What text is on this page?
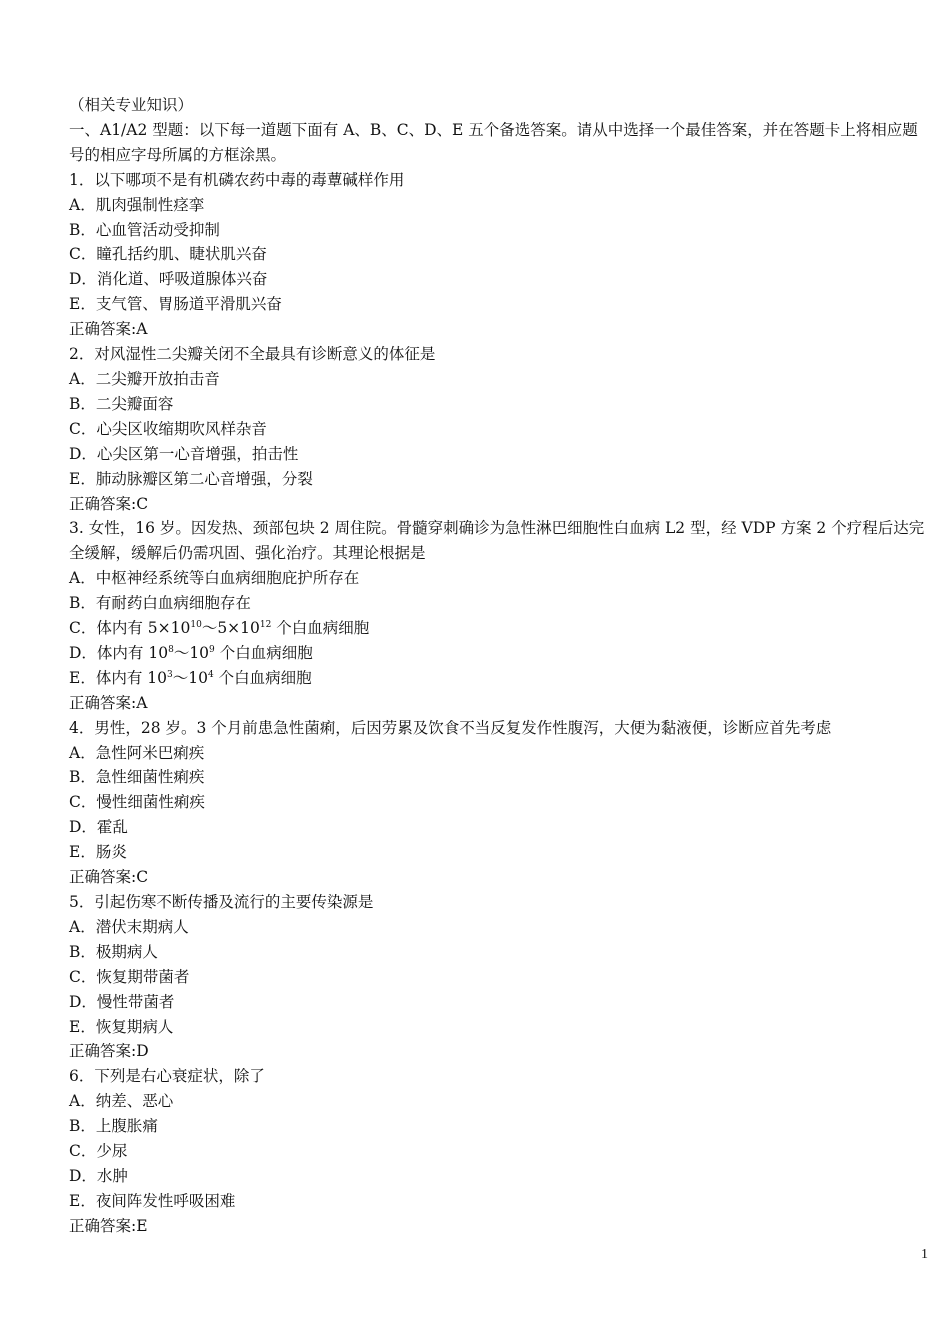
（相关专业知识）
一、A1/A2 型题：以下每一道题下面有 A、B、C、D、E 五个备选答案。请从中选择一个最佳答案，并在答题卡上将相应题号的相应字母所属的方框涂黑。
1．以下哪项不是有机磷农药中毒的毒蕈碱样作用
A．肌肉强制性痉挛
B．心血管活动受抑制
C．瞳孔括约肌、睫状肌兴奋
D．消化道、呼吸道腺体兴奋
E．支气管、胃肠道平滑肌兴奋
正确答案:A
2．对风湿性二尖瓣关闭不全最具有诊断意义的体征是
A．二尖瓣开放拍击音
B．二尖瓣面容
C．心尖区收缩期吹风样杂音
D．心尖区第一心音增强，拍击性
E．肺动脉瓣区第二心音增强，分裂
正确答案:C
3. 女性，16 岁。因发热、颈部包块 2 周住院。骨髓穿刺确诊为急性淋巴细胞性白血病 L2 型，经 VDP 方案 2 个疗程后达完全缓解，缓解后仍需巩固、强化治疗。其理论根据是
A．中枢神经系统等白血病细胞庇护所存在
B．有耐药白血病细胞存在
C．体内有 $5\times 10^{10}\sim 5\times 10^{12}$ 个白血病细胞
D．体内有 $10^8\sim 10^9$ 个白血病细胞
E．体内有 $10^3\sim 10^4$ 个白血病细胞
正确答案:A
4．男性，28 岁。3 个月前患急性菌痢，后因劳累及饮食不当反复发作性腹泻，大便为黏液便，诊断应首先考虑
A．急性阿米巴痢疾
B．急性细菌性痢疾
C．慢性细菌性痢疾
D．霍乱
E．肠炎
正确答案:C
5．引起伤寒不断传播及流行的主要传染源是
A．潜伏末期病人
B．极期病人
C．恢复期带菌者
D．慢性带菌者
E．恢复期病人
正确答案:D
6．下列是右心衰症状，除了
A．纳差、恶心
B．上腹胀痛
C．少尿
D．水肿
E．夜间阵发性呼吸困难
正确答案:E
1
